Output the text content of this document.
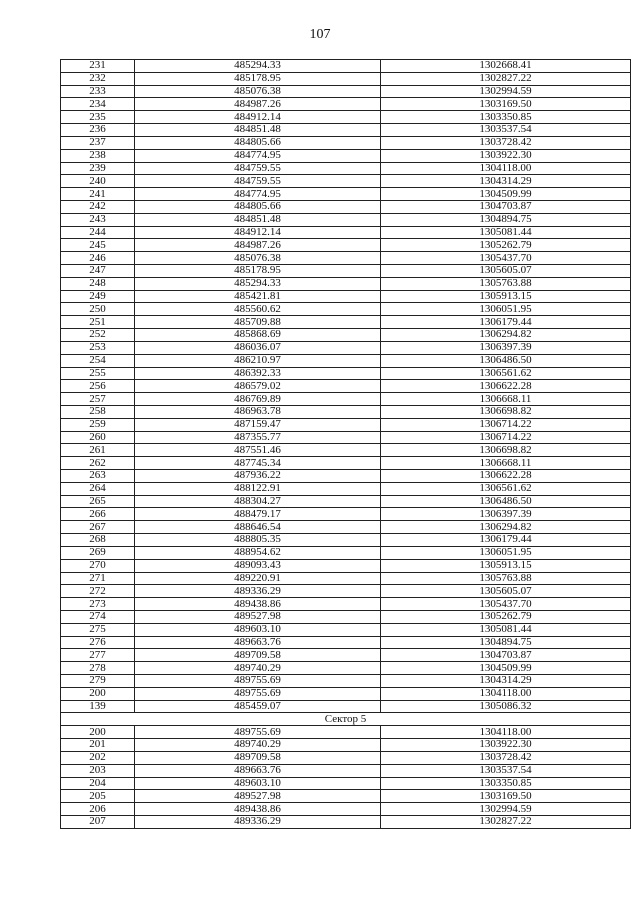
107
231	485294.33	1302668.41
232	485178.95	1302827.22
233	485076.38	1302994.59
234	484987.26	1303169.50
235	484912.14	1303350.85
236	484851.48	1303537.54
237	484805.66	1303728.42
238	484774.95	1303922.30
239	484759.55	1304118.00
240	484759.55	1304314.29
241	484774.95	1304509.99
242	484805.66	1304703.87
243	484851.48	1304894.75
244	484912.14	1305081.44
245	484987.26	1305262.79
246	485076.38	1305437.70
247	485178.95	1305605.07
248	485294.33	1305763.88
249	485421.81	1305913.15
250	485560.62	1306051.95
251	485709.88	1306179.44
252	485868.69	1306294.82
253	486036.07	1306397.39
254	486210.97	1306486.50
255	486392.33	1306561.62
256	486579.02	1306622.28
257	486769.89	1306668.11
258	486963.78	1306698.82
259	487159.47	1306714.22
260	487355.77	1306714.22
261	487551.46	1306698.82
262	487745.34	1306668.11
263	487936.22	1306622.28
264	488122.91	1306561.62
265	488304.27	1306486.50
266	488479.17	1306397.39
267	488646.54	1306294.82
268	488805.35	1306179.44
269	488954.62	1306051.95
270	489093.43	1305913.15
271	489220.91	1305763.88
272	489336.29	1305605.07
273	489438.86	1305437.70
274	489527.98	1305262.79
275	489603.10	1305081.44
276	489663.76	1304894.75
277	489709.58	1304703.87
278	489740.29	1304509.99
279	489755.69	1304314.29
200	489755.69	1304118.00
139	485459.07	1305086.32
Сектор 5		
200	489755.69	1304118.00
201	489740.29	1303922.30
202	489709.58	1303728.42
203	489663.76	1303537.54
204	489603.10	1303350.85
205	489527.98	1303169.50
206	489438.86	1302994.59
207	489336.29	1302827.22
